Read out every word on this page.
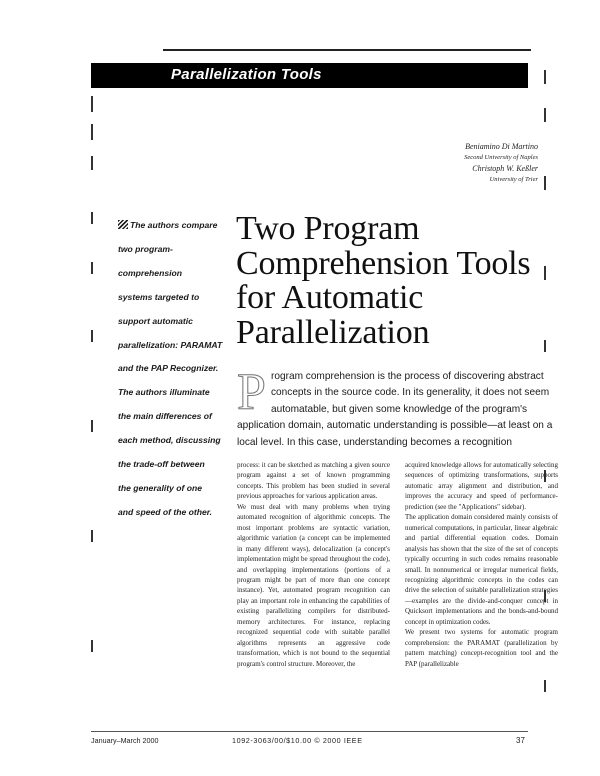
Parallelization Tools
Beniamino Di Martino
Second University of Naples
Christoph W. Keßler
University of Trier
The authors compare
two program-
comprehension
systems targeted to
support automatic
parallelization: PARAMAT
and the PAP Recognizer.
The authors illuminate
the main differences of
each method, discussing
the trade-off between
the generality of one
and speed of the other.
Two Program
Comprehension Tools
for Automatic
Parallelization
P rogram comprehension is the process of discovering abstract concepts in the source code. In its generality, it does not seem automatable, but given some knowledge of the program's application domain, automatic understanding is possible—at least on a local level. In this case, understanding becomes a recognition
process: it can be sketched as matching a given source program against a set of known programming concepts. This problem has been studied in several previous approaches for various application areas.
We must deal with many problems when trying automated recognition of algorithmic concepts. The most important problems are syntactic variation, algorithmic variation (a concept can be implemented in many different ways), delocalization (a concept's implementation might be spread throughout the code), and overlapping implementations (portions of a program might be part of more than one concept instance). Yet, automated program recognition can play an important role in enhancing the capabilities of existing parallelizing compilers for distributed-memory architectures. For instance, replacing recognized sequential code with suitable parallel algorithms represents an aggressive code transformation, which is not bound to the sequential program's control structure. Moreover, the
acquired knowledge allows for automatically selecting sequences of optimizing transformations, supports automatic array alignment and distribution, and improves the accuracy and speed of performance-prediction (see the "Applications" sidebar).
The application domain considered mainly consists of numerical computations, in particular, linear algebraic and partial differential equation codes. Domain analysis has shown that the size of the set of concepts typically occurring in such codes remains reasonable small. In nonnumerical or irregular numerical fields, recognizing algorithmic concepts in the codes can drive the selection of suitable parallelization strategies—examples are the divide-and-conquer concept in Quicksort implementations and the bonds-and-bound concept in optimization codes.
We present two systems for automatic program comprehension: the PARAMAT (parallelization by pattern matching) concept-recognition tool and the PAP (parallelizable
January–March 2000	1092-3063/00/$10.00 © 2000 IEEE	37
